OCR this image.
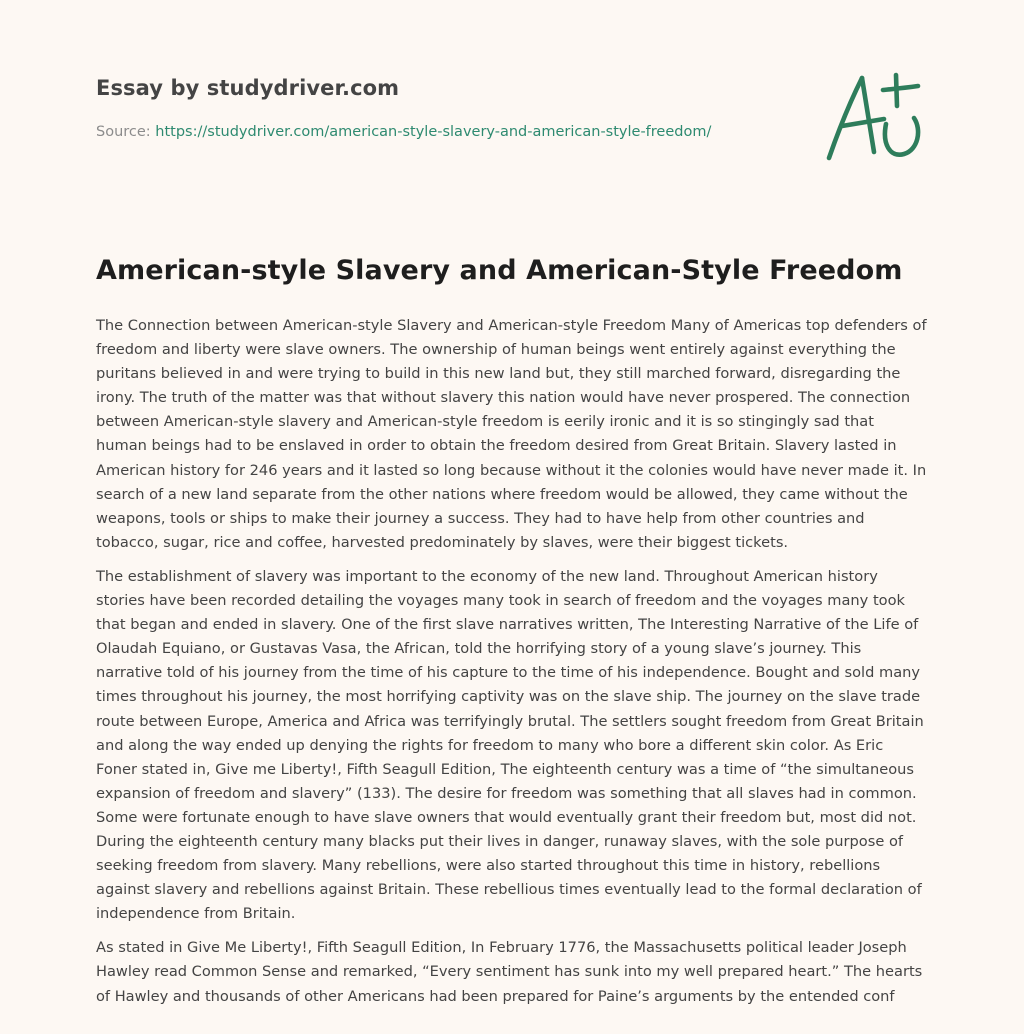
Essay by studydriver.com
Source: https://studydriver.com/american-style-slavery-and-american-style-freedom/
American-style Slavery and American-Style Freedom

The Connection between American-style Slavery and American-style Freedom Many of Americas top defenders of freedom and liberty were slave owners. The ownership of human beings went entirely against everything the puritans believed in and were trying to build in this new land but, they still marched forward, disregarding the irony. The truth of the matter was that without slavery this nation would have never prospered. The connection between American-style slavery and American-style freedom is eerily ironic and it is so stingingly sad that human beings had to be enslaved in order to obtain the freedom desired from Great Britain. Slavery lasted in American history for 246 years and it lasted so long because without it the colonies would have never made it. In search of a new land separate from the other nations where freedom would be allowed, they came without the weapons, tools or ships to make their journey a success. They had to have help from other countries and tobacco, sugar, rice and coffee, harvested predominately by slaves, were their biggest tickets.

The establishment of slavery was important to the economy of the new land. Throughout American history stories have been recorded detailing the voyages many took in search of freedom and the voyages many took that began and ended in slavery. One of the first slave narratives written, The Interesting Narrative of the Life of Olaudah Equiano, or Gustavas Vasa, the African, told the horrifying story of a young slave’s journey. This narrative told of his journey from the time of his capture to the time of his independence. Bought and sold many times throughout his journey, the most horrifying captivity was on the slave ship. The journey on the slave trade route between Europe, America and Africa was terrifyingly brutal. The settlers sought freedom from Great Britain and along the way ended up denying the rights for freedom to many who bore a different skin color. As Eric Foner stated in, Give me Liberty!, Fifth Seagull Edition, The eighteenth century was a time of “the simultaneous expansion of freedom and slavery” (133). The desire for freedom was something that all slaves had in common. Some were fortunate enough to have slave owners that would eventually grant their freedom but, most did not. During the eighteenth century many blacks put their lives in danger, runaway slaves, with the sole purpose of seeking freedom from slavery. Many rebellions, were also started throughout this time in history, rebellions against slavery and rebellions against Britain. These rebellious times eventually lead to the formal declaration of independence from Britain.

As stated in Give Me Liberty!, Fifth Seagull Edition, In February 1776, the Massachusetts political leader Joseph Hawley read Common Sense and remarked, “Every sentiment has sunk into my well prepared heart.” The hearts of Hawley and thousands of other Americans had been prepared for Paine’s arguments by the entended conf
